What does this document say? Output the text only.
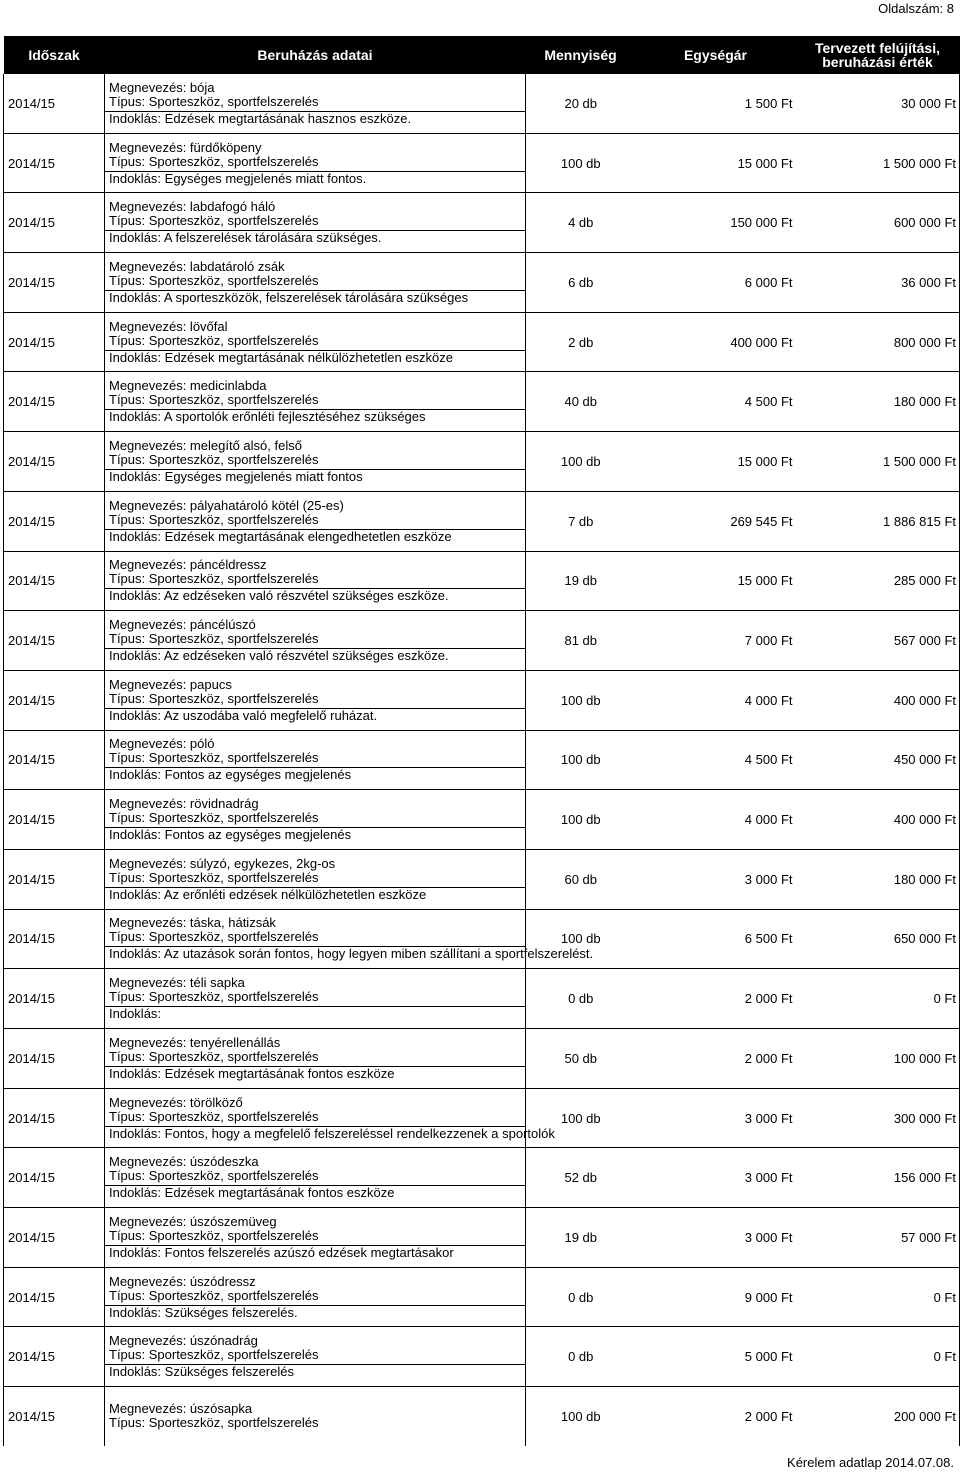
Oldalszám: 8
Időszak	Beruházás adatai	Mennyiség	Egységár	Tervezett felújítási, beruházási érték
2014/15	Megnevezés: bója
Típus: Sporteszköz, sportfelszerelés
Indoklás: Edzések megtartásának hasznos eszköze.	20 db	1 500 Ft	30 000 Ft
2014/15	Megnevezés: fürdőköpeny
Típus: Sporteszköz, sportfelszerelés
Indoklás: Egységes megjelenés miatt fontos.	100 db	15 000 Ft	1 500 000 Ft
2014/15	Megnevezés: labdafogó háló
Típus: Sporteszköz, sportfelszerelés
Indoklás: A felszerelések tárolására szükséges.	4 db	150 000 Ft	600 000 Ft
2014/15	Megnevezés: labdatároló zsák
Típus: Sporteszköz, sportfelszerelés
Indoklás: A sporteszközök, felszerelések tárolására szükséges	6 db	6 000 Ft	36 000 Ft
2014/15	Megnevezés: lövőfal
Típus: Sporteszköz, sportfelszerelés
Indoklás: Edzések megtartásának nélkülözhetetlen eszköze	2 db	400 000 Ft	800 000 Ft
2014/15	Megnevezés: medicinlabda
Típus: Sporteszköz, sportfelszerelés
Indoklás: A sportolók erőnléti fejlesztéséhez szükséges	40 db	4 500 Ft	180 000 Ft
2014/15	Megnevezés: melegítő alsó, felső
Típus: Sporteszköz, sportfelszerelés
Indoklás: Egységes megjelenés miatt fontos	100 db	15 000 Ft	1 500 000 Ft
2014/15	Megnevezés: pályahatároló kötél (25-es)
Típus: Sporteszköz, sportfelszerelés
Indoklás: Edzések megtartásának elengedhetetlen eszköze	7 db	269 545 Ft	1 886 815 Ft
2014/15	Megnevezés: páncéldressz
Típus: Sporteszköz, sportfelszerelés
Indoklás: Az edzéseken való részvétel szükséges eszköze.	19 db	15 000 Ft	285 000 Ft
2014/15	Megnevezés: páncélúszó
Típus: Sporteszköz, sportfelszerelés
Indoklás: Az edzéseken való részvétel szükséges eszköze.	81 db	7 000 Ft	567 000 Ft
2014/15	Megnevezés: papucs
Típus: Sporteszköz, sportfelszerelés
Indoklás: Az uszodába való megfelelő ruházat.	100 db	4 000 Ft	400 000 Ft
2014/15	Megnevezés: póló
Típus: Sporteszköz, sportfelszerelés
Indoklás: Fontos az egységes megjelenés	100 db	4 500 Ft	450 000 Ft
2014/15	Megnevezés: rövidnadrág
Típus: Sporteszköz, sportfelszerelés
Indoklás: Fontos az egységes megjelenés	100 db	4 000 Ft	400 000 Ft
2014/15	Megnevezés: súlyzó, egykezes, 2kg-os
Típus: Sporteszköz, sportfelszerelés
Indoklás: Az erőnléti edzések nélkülözhetetlen eszköze	60 db	3 000 Ft	180 000 Ft
2014/15	Megnevezés: táska, hátizsák
Típus: Sporteszköz, sportfelszerelés
Indoklás: Az utazások során fontos, hogy legyen miben szállítani a sportfelszerelést.	100 db	6 500 Ft	650 000 Ft
2014/15	Megnevezés: téli sapka
Típus: Sporteszköz, sportfelszerelés
Indoklás:	0 db	2 000 Ft	0 Ft
2014/15	Megnevezés: tenyérellenállás
Típus: Sporteszköz, sportfelszerelés
Indoklás: Edzések megtartásának fontos eszköze	50 db	2 000 Ft	100 000 Ft
2014/15	Megnevezés: törölköző
Típus: Sporteszköz, sportfelszerelés
Indoklás: Fontos, hogy a megfelelő felszereléssel rendelkezzenek a sportolók	100 db	3 000 Ft	300 000 Ft
2014/15	Megnevezés: úszódeszka
Típus: Sporteszköz, sportfelszerelés
Indoklás: Edzések megtartásának fontos eszköze	52 db	3 000 Ft	156 000 Ft
2014/15	Megnevezés: úszószemüveg
Típus: Sporteszköz, sportfelszerelés
Indoklás: Fontos felszerelés azúszó edzések megtartásakor	19 db	3 000 Ft	57 000 Ft
2014/15	Megnevezés: úszódressz
Típus: Sporteszköz, sportfelszerelés
Indoklás: Szükséges felszerelés.	0 db	9 000 Ft	0 Ft
2014/15	Megnevezés: úszónadrág
Típus: Sporteszköz, sportfelszerelés
Indoklás: Szükséges felszerelés	0 db	5 000 Ft	0 Ft
2014/15	Megnevezés: úszósapka
Típus: Sporteszköz, sportfelszerelés	100 db	2 000 Ft	200 000 Ft
Kérelem adatlap 2014.07.08.
